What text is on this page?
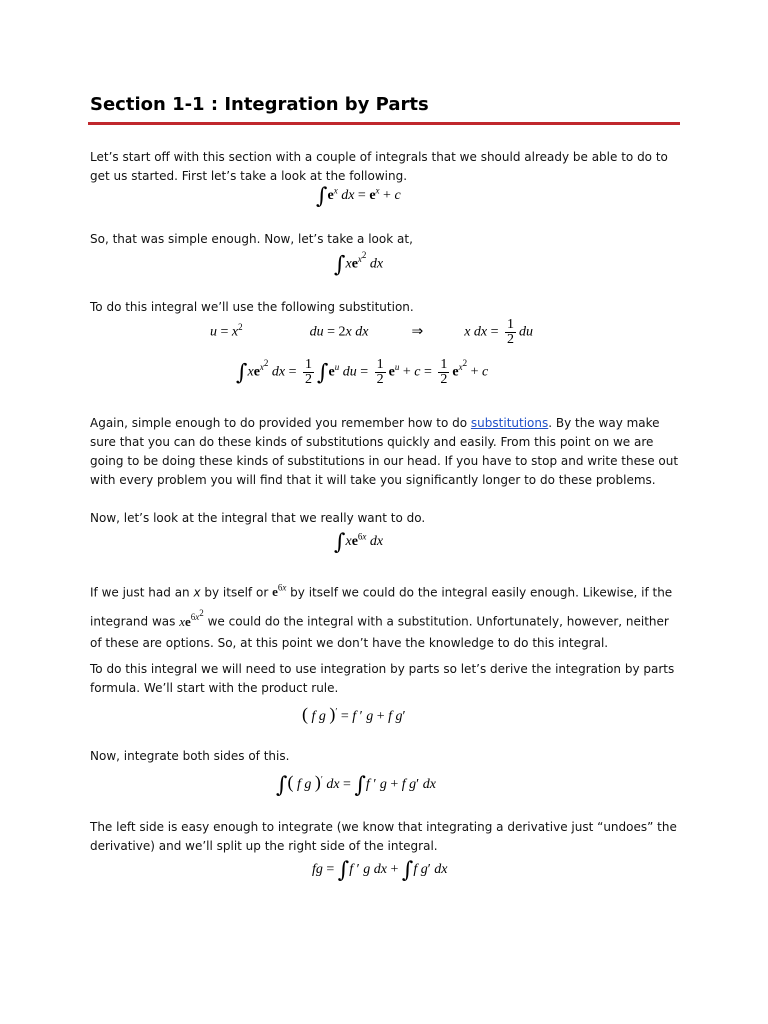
Section 1-1 : Integration by Parts
Let’s start off with this section with a couple of integrals that we should already be able to do to get us started. First let’s take a look at the following.
$\int e^x$ dx = $e^x + c$
So, that was simple enough. Now, let’s take a look at,
$\int xe^{x^2}$ dx
To do this integral we’ll use the following substitution.
$u = x^2$	du = 2x dx	⇒	x dx = $\frac{1}{2}$ du
$\int xe^{x^2}$ dx = $\frac{1}{2} \int e^u$ du = $\frac{1}{2} e^u + c = \frac{1}{2} e^{x^2} + c$
Again, simple enough to do provided you remember how to do substitutions. By the way make sure that you can do these kinds of substitutions quickly and easily. From this point on we are going to be doing these kinds of substitutions in our head. If you have to stop and write these out with every problem you will find that it will take you significantly longer to do these problems.
Now, let’s look at the integral that we really want to do.
$\int xe^{6x}$ dx
If we just had an x by itself or $e^{6x}$ by itself we could do the integral easily enough. Likewise, if the integrand was $xe^{6x^2}$ we could do the integral with a substitution. Unfortunately, however, neither of these are options. So, at this point we don’t have the knowledge to do this integral.
To do this integral we will need to use integration by parts so let’s derive the integration by parts formula. We’ll start with the product rule.
( f g )′ = f ′ g + f g′
Now, integrate both sides of this.
∫( f g )′ dx = ∫f ′ g + f g′ dx
The left side is easy enough to integrate (we know that integrating a derivative just “undoes” the derivative) and we’ll split up the right side of the integral.
fg = ∫f ′ g dx + ∫f g′ dx
